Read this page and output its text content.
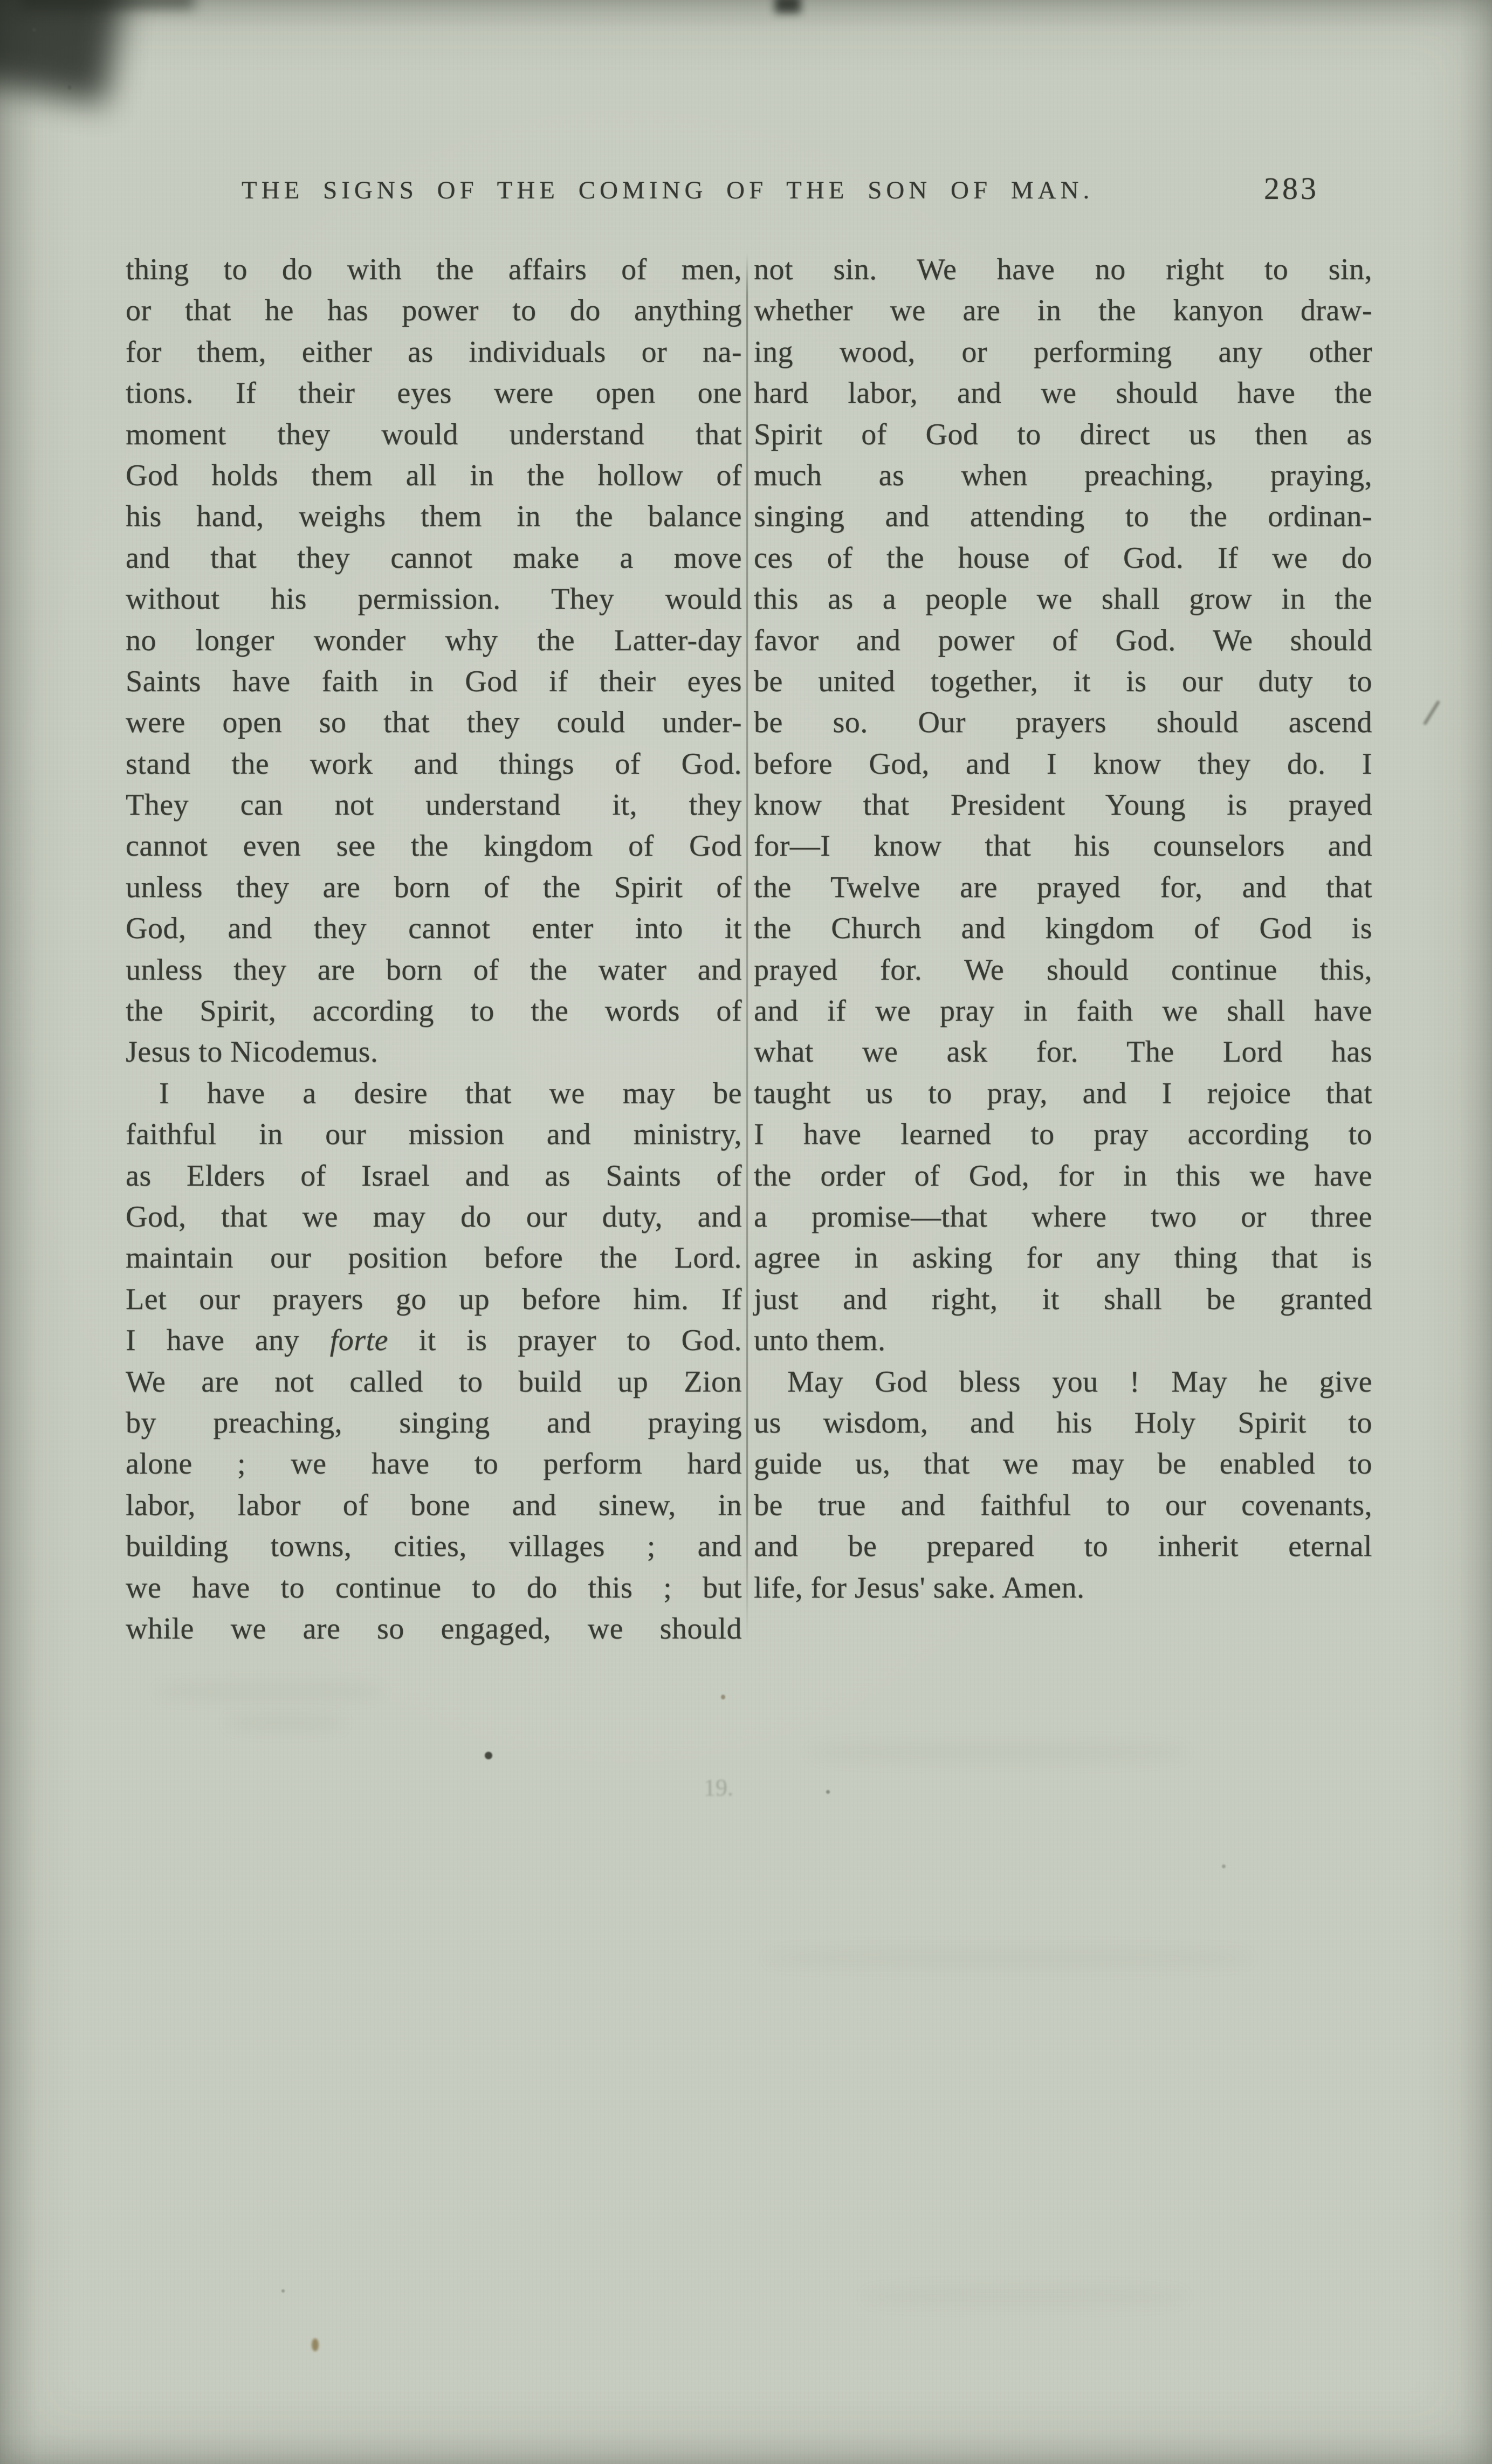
19.
THE SIGNS OF THE COMING OF THE SON OF MAN.	283
thing to do with the affairs of men,
or that he has power to do anything
for them, either as individuals or na-
tions. If their eyes were open one
moment they would understand that
God holds them all in the hollow of
his hand, weighs them in the balance
and that they cannot make a move
without his permission. They would
no longer wonder why the Latter-day
Saints have faith in God if their eyes
were open so that they could under-
stand the work and things of God.
They can not understand it, they
cannot even see the kingdom of God
unless they are born of the Spirit of
God, and they cannot enter into it
unless they are born of the water and
the Spirit, according to the words of
Jesus to Nicodemus.
I have a desire that we may be
faithful in our mission and ministry,
as Elders of Israel and as Saints of
God, that we may do our duty, and
maintain our position before the Lord.
Let our prayers go up before him. If
I have any forte it is prayer to God.
We are not called to build up Zion
by preaching, singing and praying
alone ; we have to perform hard
labor, labor of bone and sinew, in
building towns, cities, villages ; and
we have to continue to do this ; but
while we are so engaged, we should
not sin. We have no right to sin,
whether we are in the kanyon draw-
ing wood, or performing any other
hard labor, and we should have the
Spirit of God to direct us then as
much as when preaching, praying,
singing and attending to the ordinan-
ces of the house of God. If we do
this as a people we shall grow in the
favor and power of God. We should
be united together, it is our duty to
be so. Our prayers should ascend
before God, and I know they do. I
know that President Young is prayed
for—I know that his counselors and
the Twelve are prayed for, and that
the Church and kingdom of God is
prayed for. We should continue this,
and if we pray in faith we shall have
what we ask for. The Lord has
taught us to pray, and I rejoice that
I have learned to pray according to
the order of God, for in this we have
a promise—that where two or three
agree in asking for any thing that is
just and right, it shall be granted
unto them.
May God bless you ! May he give
us wisdom, and his Holy Spirit to
guide us, that we may be enabled to
be true and faithful to our covenants,
and be prepared to inherit eternal
life, for Jesus' sake. Amen.
